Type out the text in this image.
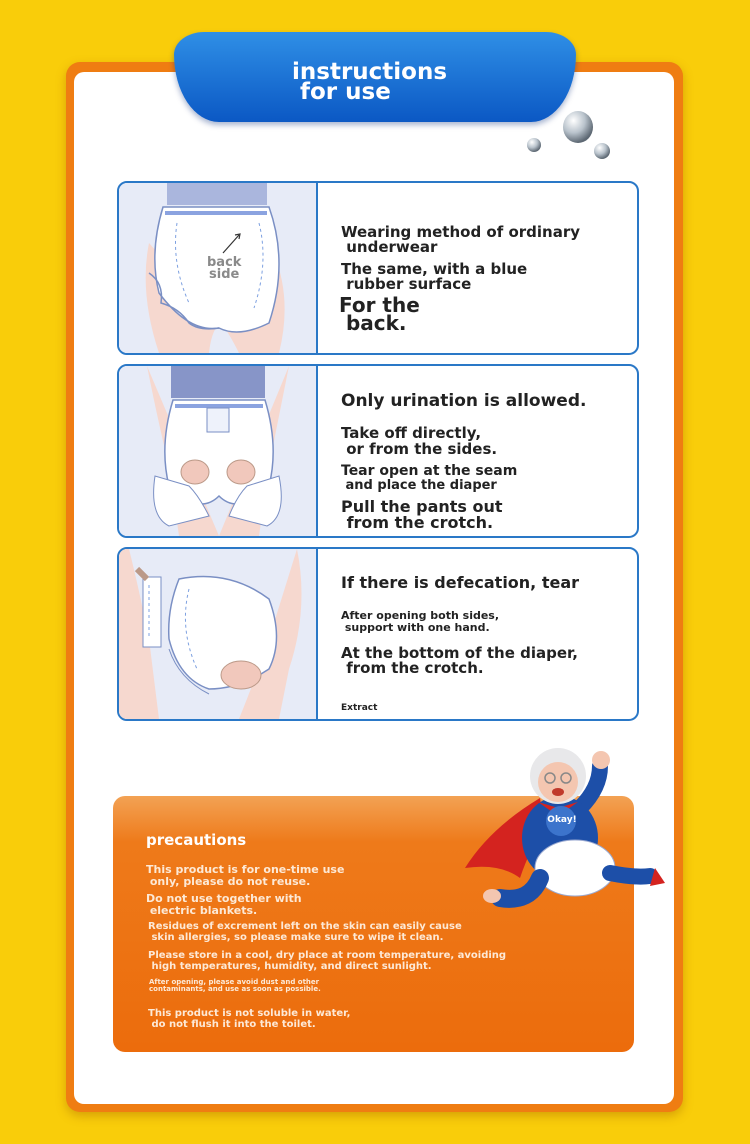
instructions
for use
back
side
Wearing method of ordinary
underwear
The same, with a blue
rubber surface
For the
back.
Only urination is allowed.
Take off directly,
or from the sides.
Tear open at the seam
and place the diaper
Pull the pants out
from the crotch.
If there is defecation, tear
After opening both sides,
support with one hand.
At the bottom of the diaper,
from the crotch.
Extract
precautions
This product is for one-time use
only, please do not reuse.
Do not use together with
electric blankets.
Residues of excrement left on the skin can easily cause
skin allergies, so please make sure to wipe it clean.
Please store in a cool, dry place at room temperature, avoiding
high temperatures, humidity, and direct sunlight.
After opening, please avoid dust and other
contaminants, and use as soon as possible.
This product is not soluble in water,
do not flush it into the toilet.
Okay!
